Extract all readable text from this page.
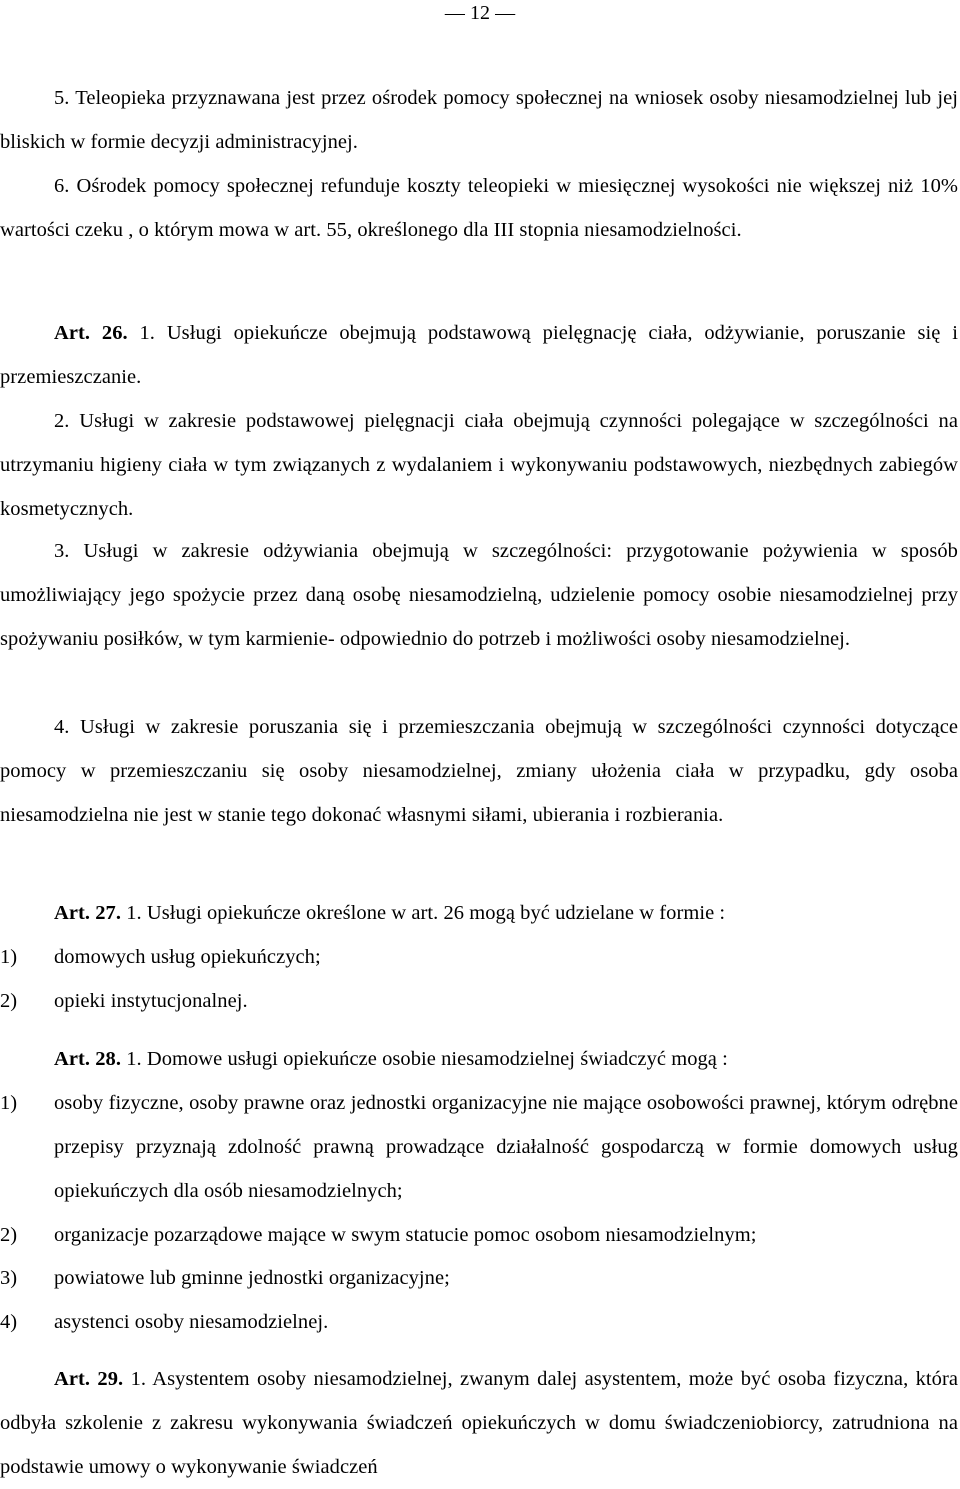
— 12 —
5. Teleopieka przyznawana jest przez ośrodek pomocy społecznej na wniosek osoby niesamodzielnej lub jej bliskich w formie decyzji administracyjnej.
6. Ośrodek pomocy społecznej refunduje koszty teleopieki w miesięcznej wysokości nie większej niż 10% wartości czeku , o którym mowa w art. 55, określonego dla III stopnia niesamodzielności.
Art. 26. 1. Usługi opiekuńcze obejmują podstawową pielęgnację ciała, odżywianie, poruszanie się i przemieszczanie.
2. Usługi w zakresie podstawowej pielęgnacji ciała obejmują czynności polegające w szczególności na utrzymaniu higieny ciała w tym związanych z wydalaniem i wykonywaniu podstawowych, niezbędnych zabiegów kosmetycznych.
3. Usługi w zakresie odżywiania obejmują w szczególności: przygotowanie pożywienia w sposób umożliwiający jego spożycie przez daną osobę niesamodzielną, udzielenie pomocy osobie niesamodzielnej przy spożywaniu posiłków, w tym karmienie- odpowiednio do potrzeb i możliwości osoby niesamodzielnej.
4. Usługi w zakresie poruszania się i przemieszczania obejmują w szczególności czynności dotyczące pomocy w przemieszczaniu się osoby niesamodzielnej, zmiany ułożenia ciała w przypadku, gdy osoba niesamodzielna nie jest w stanie tego dokonać własnymi siłami, ubierania i rozbierania.
Art. 27. 1. Usługi opiekuńcze określone w art. 26 mogą być udzielane w formie :
1) domowych usług opiekuńczych;
2) opieki instytucjonalnej.
Art. 28. 1. Domowe usługi opiekuńcze osobie niesamodzielnej świadczyć mogą :
1) osoby fizyczne, osoby prawne oraz jednostki organizacyjne nie mające osobowości prawnej, którym odrębne przepisy przyznają zdolność prawną prowadzące działalność gospodarczą w formie domowych usług opiekuńczych dla osób niesamodzielnych;
2) organizacje pozarządowe mające w swym statucie pomoc osobom niesamodzielnym;
3) powiatowe lub gminne jednostki organizacyjne;
4) asystenci osoby niesamodzielnej.
Art. 29. 1. Asystentem osoby niesamodzielnej, zwanym dalej asystentem, może być osoba fizyczna, która odbyła szkolenie z zakresu wykonywania świadczeń opiekuńczych w domu świadczeniobiorcy, zatrudniona na podstawie umowy o wykonywanie świadczeń
